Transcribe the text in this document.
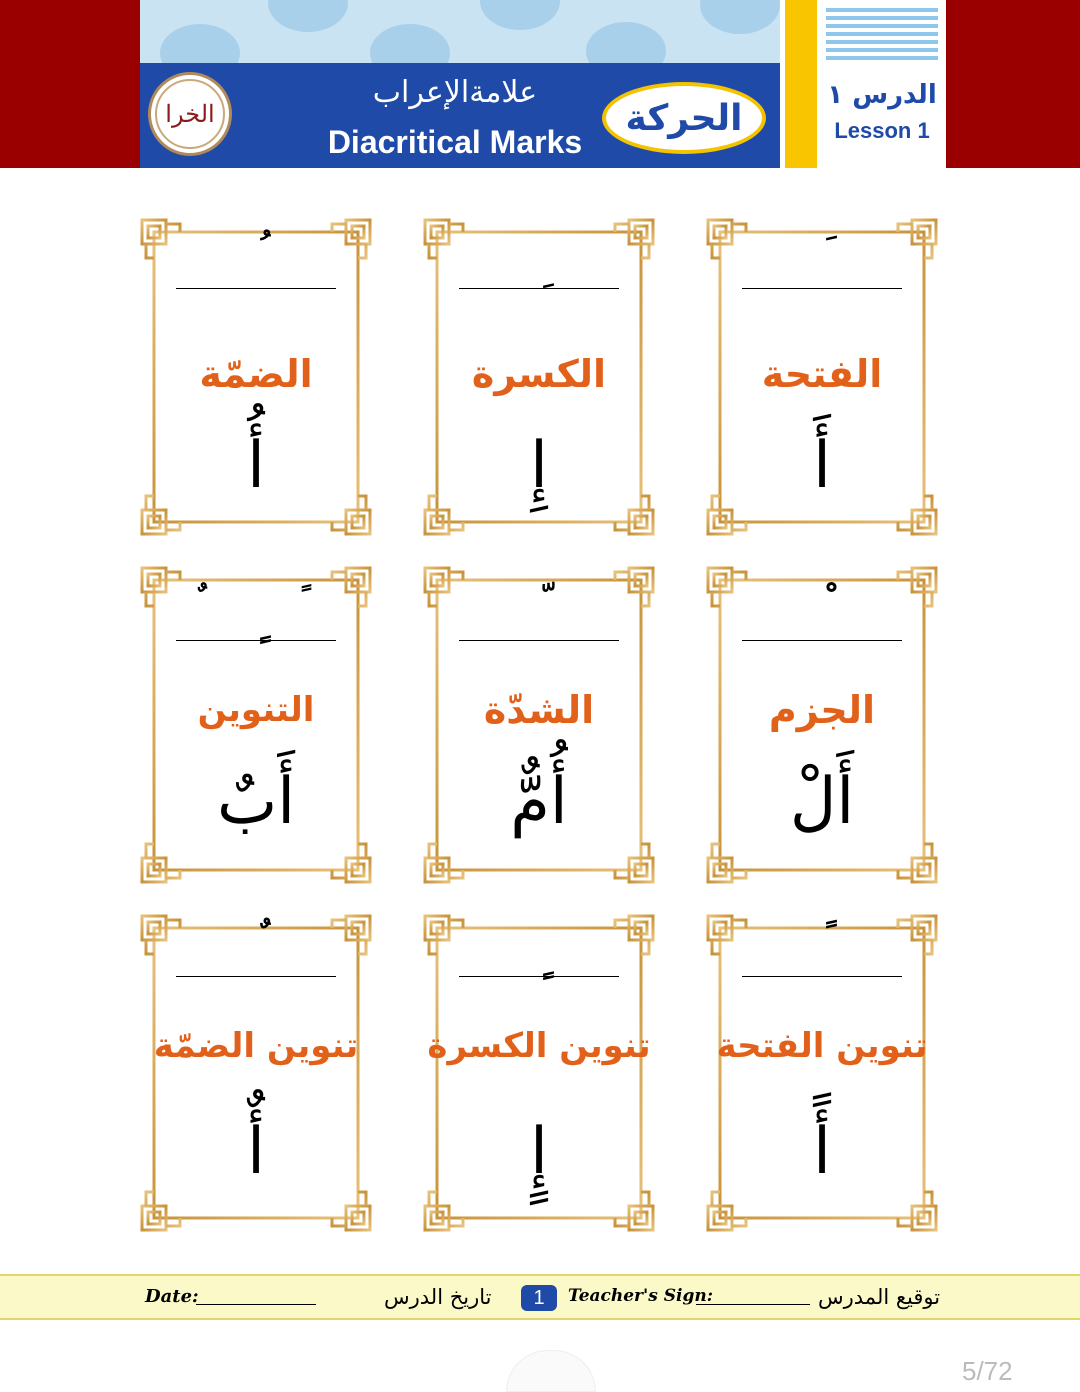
الخرا
علامةالإعراب
Diacritical Marks
الحركة
الدرس ١
Lesson 1
الفتحة
أَ
الكسرة
إِ
الضمّة
أُ
الجزم
أَلْ
الشدّة
أُمٌّ
التنوين
أَبٌ
تنوين الفتحة
أً
تنوين الكسرة
إٍ
تنوين الضمّة
أٌ
Date:	تاريخ الدرس	1	Teacher's Sign:	توقيع المدرس
5/72
